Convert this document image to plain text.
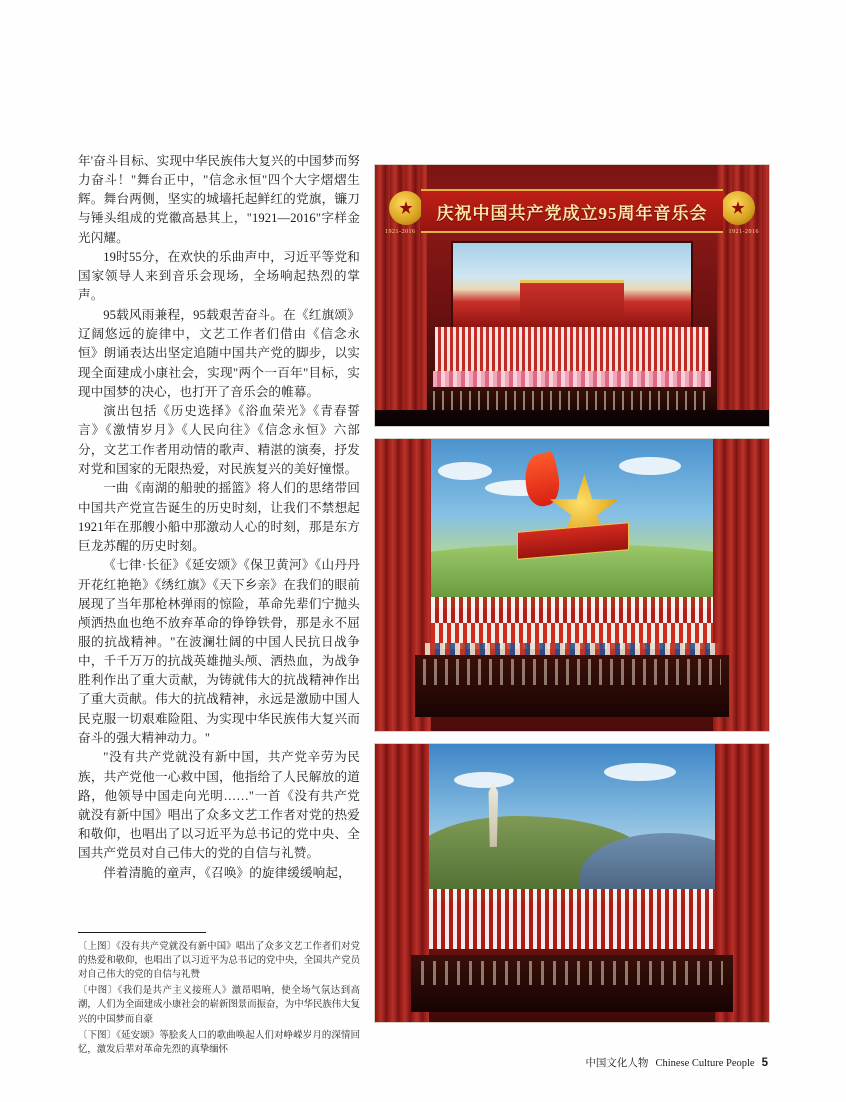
年'奋斗目标、实现中华民族伟大复兴的中国梦而努力奋斗！"舞台正中，"信念永恒"四个大字熠熠生辉。舞台两侧，坚实的城墙托起鲜红的党旗，镰刀与锤头组成的党徽高悬其上，"1921—2016"字样金光闪耀。

19时55分，在欢快的乐曲声中，习近平等党和国家领导人来到音乐会现场，全场响起热烈的掌声。

95载风雨兼程，95载艰苦奋斗。在《红旗颂》辽阔悠远的旋律中，文艺工作者们借由《信念永恒》朗诵表达出坚定追随中国共产党的脚步，以实现全面建成小康社会，实现"两个一百年"目标，实现中国梦的决心，也打开了音乐会的帷幕。

演出包括《历史选择》《浴血荣光》《青春誓言》《激情岁月》《人民向往》《信念永恒》六部分，文艺工作者用动情的歌声、精湛的演奏，抒发对党和国家的无限热爱，对民族复兴的美好憧憬。

一曲《南湖的船驶的摇篮》将人们的思绪带回中国共产党宣告诞生的历史时刻，让我们不禁想起1921年在那艘小船中那激动人心的时刻，那是东方巨龙苏醒的历史时刻。

《七律·长征》《延安颂》《保卫黄河》《山丹丹开花红艳艳》《绣红旗》《天下乡亲》在我们的眼前展现了当年那枪林弹雨的惊险，革命先辈们宁抛头颅洒热血也绝不放弃革命的铮铮铁骨，那是永不屈服的抗战精神。"在波澜壮阔的中国人民抗日战争中，千千万万的抗战英雄抛头颅、洒热血，为战争胜利作出了重大贡献，为铸就伟大的抗战精神作出了重大贡献。伟大的抗战精神，永远是激励中国人民克服一切艰难险阻、为实现中华民族伟大复兴而奋斗的强大精神动力。"

"没有共产党就没有新中国，共产党辛劳为民族，共产党他一心救中国，他指给了人民解放的道路，他领导中国走向光明……"一首《没有共产党就没有新中国》唱出了众多文艺工作者对党的热爱和敬仰，也唱出了以习近平为总书记的党中央、全国共产党员对自己伟大的党的自信与礼赞。

伴着清脆的童声，《召唤》的旋律缓缓响起，

〔上图〕《没有共产党就没有新中国》唱出了众多文艺工作者们对党的热爱和敬仰，也唱出了以习近平为总书记的党中央，全国共产党员对自己伟大的党的自信与礼赞

〔中图〕《我们是共产主义接班人》激昂唱响，使全场气氛达到高潮，人们为全面建成小康社会的崭新图景而振奋，为中华民族伟大复兴的中国梦而自豪

〔下图〕《延安颂》等脍炙人口的歌曲唤起人们对峥嵘岁月的深情回忆，激发后辈对革命先烈的真挚缅怀

★	★
1921-2016	1921-2016
庆祝中国共产党成立95周年音乐会
中国文化人物 Chinese Culture People 5
